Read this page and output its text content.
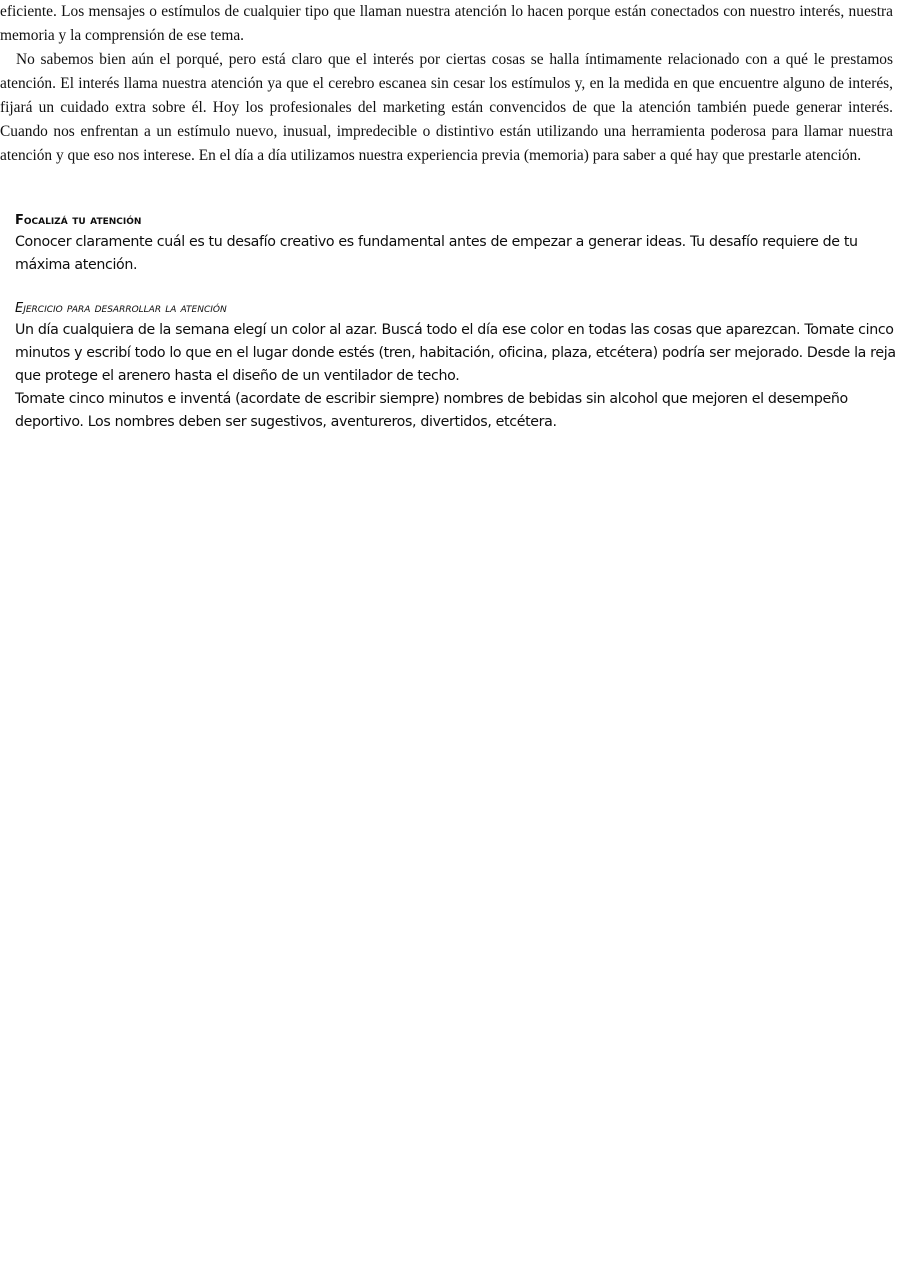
eficiente. Los mensajes o estímulos de cualquier tipo que llaman nuestra atención lo hacen porque están conectados con nuestro interés, nuestra memoria y la comprensión de ese tema.

No sabemos bien aún el porqué, pero está claro que el interés por ciertas cosas se halla íntimamente relacionado con a qué le prestamos atención. El interés llama nuestra atención ya que el cerebro escanea sin cesar los estímulos y, en la medida en que encuentre alguno de interés, fijará un cuidado extra sobre él. Hoy los profesionales del marketing están convencidos de que la atención también puede generar interés. Cuando nos enfrentan a un estímulo nuevo, inusual, impredecible o distintivo están utilizando una herramienta poderosa para llamar nuestra atención y que eso nos interese. En el día a día utilizamos nuestra experiencia previa (memoria) para saber a qué hay que prestarle atención.

Focalizá tu atención

Conocer claramente cuál es tu desafío creativo es fundamental antes de empezar a generar ideas. Tu desafío requiere de tu máxima atención.

Ejercicio para desarrollar la atención

Un día cualquiera de la semana elegí un color al azar. Buscá todo el día ese color en todas las cosas que aparezcan. Tomate cinco minutos y escribí todo lo que en el lugar donde estés (tren, habitación, oficina, plaza, etcétera) podría ser mejorado. Desde la reja que protege el arenero hasta el diseño de un ventilador de techo.

Tomate cinco minutos e inventá (acordate de escribir siempre) nombres de bebidas sin alcohol que mejoren el desempeño deportivo. Los nombres deben ser sugestivos, aventureros, divertidos, etcétera.
